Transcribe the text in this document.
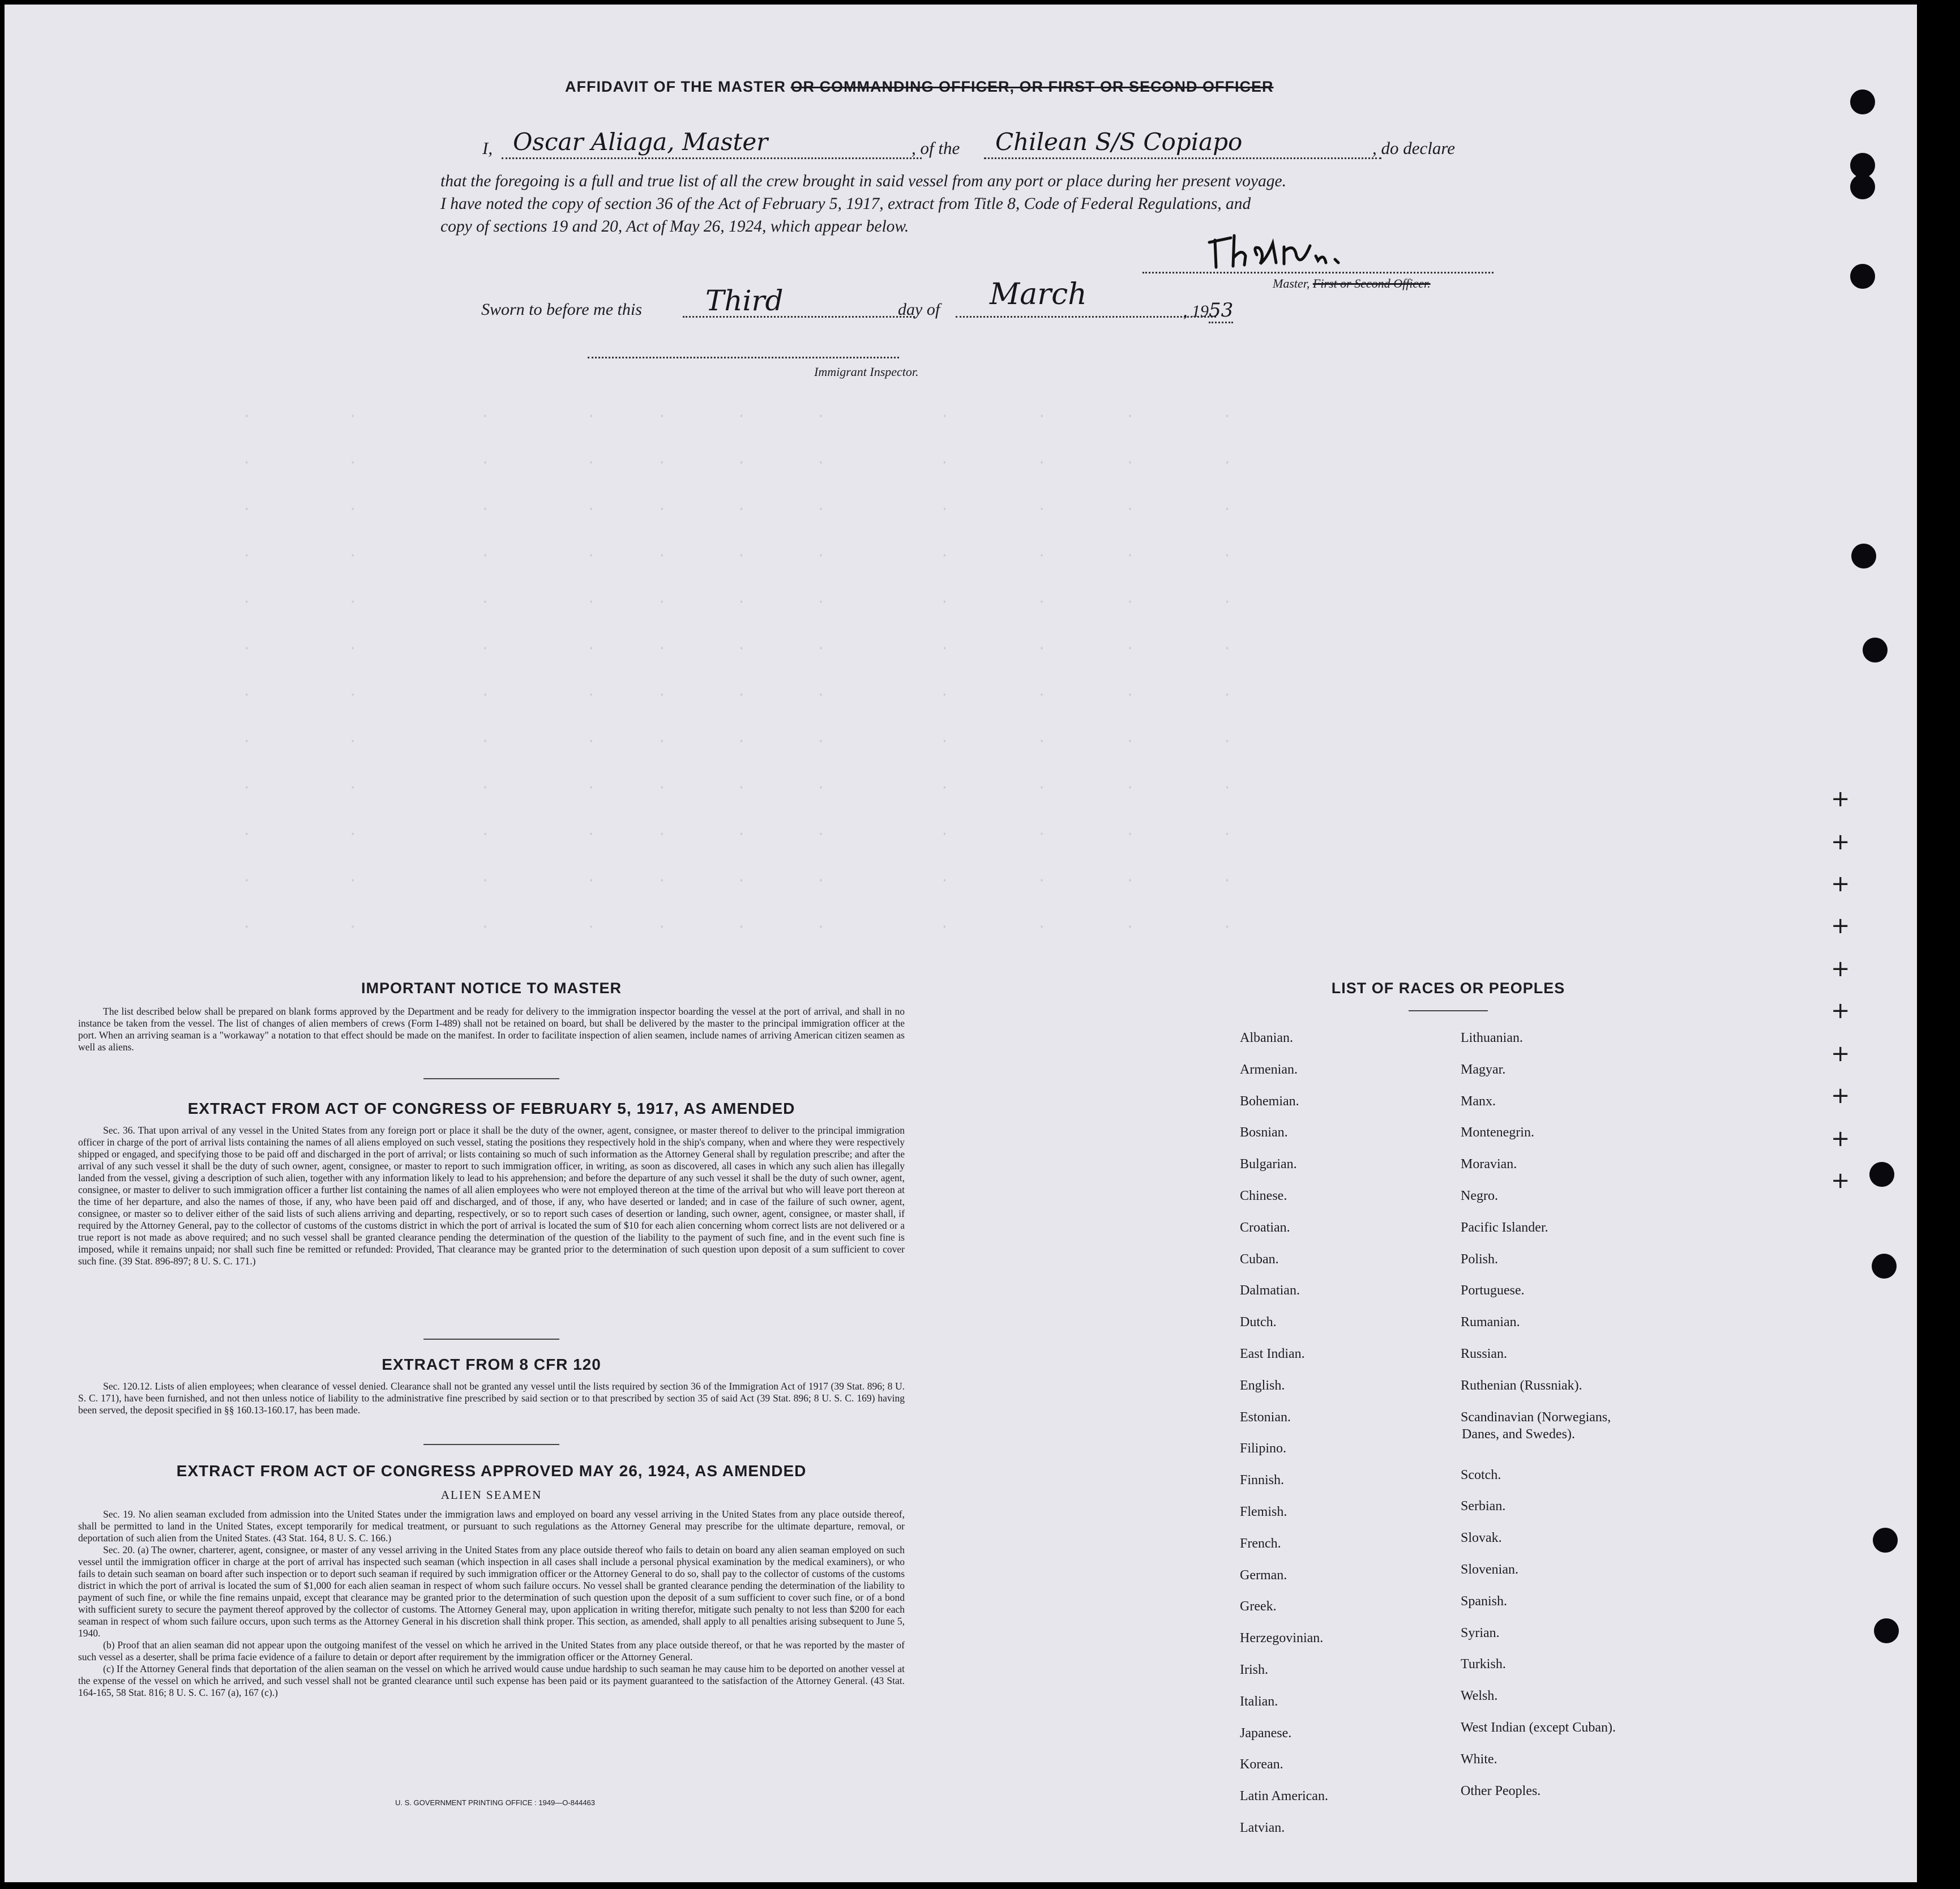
·           ·              ·           ·       ·        ·        ·             ·          ·         ·          ·
·           ·              ·           ·       ·        ·        ·             ·          ·         ·          ·
·           ·              ·           ·       ·        ·        ·             ·          ·         ·          ·
·           ·              ·           ·       ·        ·        ·             ·          ·         ·          ·
·           ·              ·           ·       ·        ·        ·             ·          ·         ·          ·
·           ·              ·           ·       ·        ·        ·             ·          ·         ·          ·
·           ·              ·           ·       ·        ·        ·             ·          ·         ·          ·
·           ·              ·           ·       ·        ·        ·             ·          ·         ·          ·
·           ·              ·           ·       ·        ·        ·             ·          ·         ·          ·
·           ·              ·           ·       ·        ·        ·             ·          ·         ·          ·
·           ·              ·           ·       ·        ·        ·             ·          ·         ·          ·
·           ·              ·           ·       ·        ·        ·             ·          ·         ·          ·
AFFIDAVIT OF THE MASTER OR COMMANDING OFFICER, OR FIRST OR SECOND OFFICER
I, Oscar Aliaga, Master	, of the	Chilean S/S Copiapo	, do declare
that the foregoing is a full and true list of all the crew brought in said vessel from any port or place during her present voyage.
I have noted the copy of section 36 of the Act of February 5, 1917, extract from Title 8, Code of Federal Regulations, and
copy of sections 19 and 20, Act of May 26, 1924, which appear below.
Master, First or Second Officer.
Sworn to before me this	Third	day of	March	, 1953
Immigrant Inspector.
IMPORTANT NOTICE TO MASTER

The list described below shall be prepared on blank forms approved by the Department and be ready for delivery to the immigration inspector boarding the vessel at the port of arrival, and shall in no instance be taken from the vessel. The list of changes of alien members of crews (Form I-489) shall not be retained on board, but shall be delivered by the master to the principal immigration officer at the port. When an arriving seaman is a "workaway" a notation to that effect should be made on the manifest. In order to facilitate inspection of alien seamen, include names of arriving American citizen seamen as well as aliens.

EXTRACT FROM ACT OF CONGRESS OF FEBRUARY 5, 1917, AS AMENDED

Sec. 36. That upon arrival of any vessel in the United States from any foreign port or place it shall be the duty of the owner, agent, consignee, or master thereof to deliver to the principal immigration officer in charge of the port of arrival lists containing the names of all aliens employed on such vessel, stating the positions they respectively hold in the ship's company, when and where they were respectively shipped or engaged, and specifying those to be paid off and discharged in the port of arrival; or lists containing so much of such information as the Attorney General shall by regulation prescribe; and after the arrival of any such vessel it shall be the duty of such owner, agent, consignee, or master to report to such immigration officer, in writing, as soon as discovered, all cases in which any such alien has illegally landed from the vessel, giving a description of such alien, together with any information likely to lead to his apprehension; and before the departure of any such vessel it shall be the duty of such owner, agent, consignee, or master to deliver to such immigration officer a further list containing the names of all alien employees who were not employed thereon at the time of the arrival but who will leave port thereon at the time of her departure, and also the names of those, if any, who have been paid off and discharged, and of those, if any, who have deserted or landed; and in case of the failure of such owner, agent, consignee, or master so to deliver either of the said lists of such aliens arriving and departing, respectively, or so to report such cases of desertion or landing, such owner, agent, consignee, or master shall, if required by the Attorney General, pay to the collector of customs of the customs district in which the port of arrival is located the sum of $10 for each alien concerning whom correct lists are not delivered or a true report is not made as above required; and no such vessel shall be granted clearance pending the determination of the question of the liability to the payment of such fine, and in the event such fine is imposed, while it remains unpaid; nor shall such fine be remitted or refunded: Provided, That clearance may be granted prior to the determination of such question upon deposit of a sum sufficient to cover such fine. (39 Stat. 896-897; 8 U. S. C. 171.)

EXTRACT FROM 8 CFR 120

Sec. 120.12. Lists of alien employees; when clearance of vessel denied. Clearance shall not be granted any vessel until the lists required by section 36 of the Immigration Act of 1917 (39 Stat. 896; 8 U. S. C. 171), have been furnished, and not then unless notice of liability to the administrative fine prescribed by said section or to that prescribed by section 35 of said Act (39 Stat. 896; 8 U. S. C. 169) having been served, the deposit specified in §§ 160.13-160.17, has been made.

EXTRACT FROM ACT OF CONGRESS APPROVED MAY 26, 1924, AS AMENDED
ALIEN SEAMEN

Sec. 19. No alien seaman excluded from admission into the United States under the immigration laws and employed on board any vessel arriving in the United States from any place outside thereof, shall be permitted to land in the United States, except temporarily for medical treatment, or pursuant to such regulations as the Attorney General may prescribe for the ultimate departure, removal, or deportation of such alien from the United States. (43 Stat. 164, 8 U. S. C. 166.)

Sec. 20. (a) The owner, charterer, agent, consignee, or master of any vessel arriving in the United States from any place outside thereof who fails to detain on board any alien seaman employed on such vessel until the immigration officer in charge at the port of arrival has inspected such seaman (which inspection in all cases shall include a personal physical examination by the medical examiners), or who fails to detain such seaman on board after such inspection or to deport such seaman if required by such immigration officer or the Attorney General to do so, shall pay to the collector of customs of the customs district in which the port of arrival is located the sum of $1,000 for each alien seaman in respect of whom such failure occurs. No vessel shall be granted clearance pending the determination of the liability to payment of such fine, or while the fine remains unpaid, except that clearance may be granted prior to the determination of such question upon the deposit of a sum sufficient to cover such fine, or of a bond with sufficient surety to secure the payment thereof approved by the collector of customs. The Attorney General may, upon application in writing therefor, mitigate such penalty to not less than $200 for each seaman in respect of whom such failure occurs, upon such terms as the Attorney General in his discretion shall think proper. This section, as amended, shall apply to all penalties arising subsequent to June 5, 1940.

(b) Proof that an alien seaman did not appear upon the outgoing manifest of the vessel on which he arrived in the United States from any place outside thereof, or that he was reported by the master of such vessel as a deserter, shall be prima facie evidence of a failure to detain or deport after requirement by the immigration officer or the Attorney General.

(c) If the Attorney General finds that deportation of the alien seaman on the vessel on which he arrived would cause undue hardship to such seaman he may cause him to be deported on another vessel at the expense of the vessel on which he arrived, and such vessel shall not be granted clearance until such expense has been paid or its payment guaranteed to the satisfaction of the Attorney General. (43 Stat. 164-165, 58 Stat. 816; 8 U. S. C. 167 (a), 167 (c).)

U. S. GOVERNMENT PRINTING OFFICE : 1949—O-844463
LIST OF RACES OR PEOPLES
+
+
+
+
+
+
+
+
+
+
Albanian.
Armenian.
Bohemian.
Bosnian.
Bulgarian.
Chinese.
Croatian.
Cuban.
Dalmatian.
Dutch.
East Indian.
English.
Estonian.
Filipino.
Finnish.
Flemish.
French.
German.
Greek.
Herzegovinian.
Irish.
Italian.
Japanese.
Korean.
Latin American.
Latvian.
Lithuanian.
Magyar.
Manx.
Montenegrin.
Moravian.
Negro.
Pacific Islander.
Polish.
Portuguese.
Rumanian.
Russian.
Ruthenian (Russniak).
Scandinavian (Norwegians,
Danes, and Swedes).
Scotch.
Serbian.
Slovak.
Slovenian.
Spanish.
Syrian.
Turkish.
Welsh.
West Indian (except Cuban).
White.
Other Peoples.
